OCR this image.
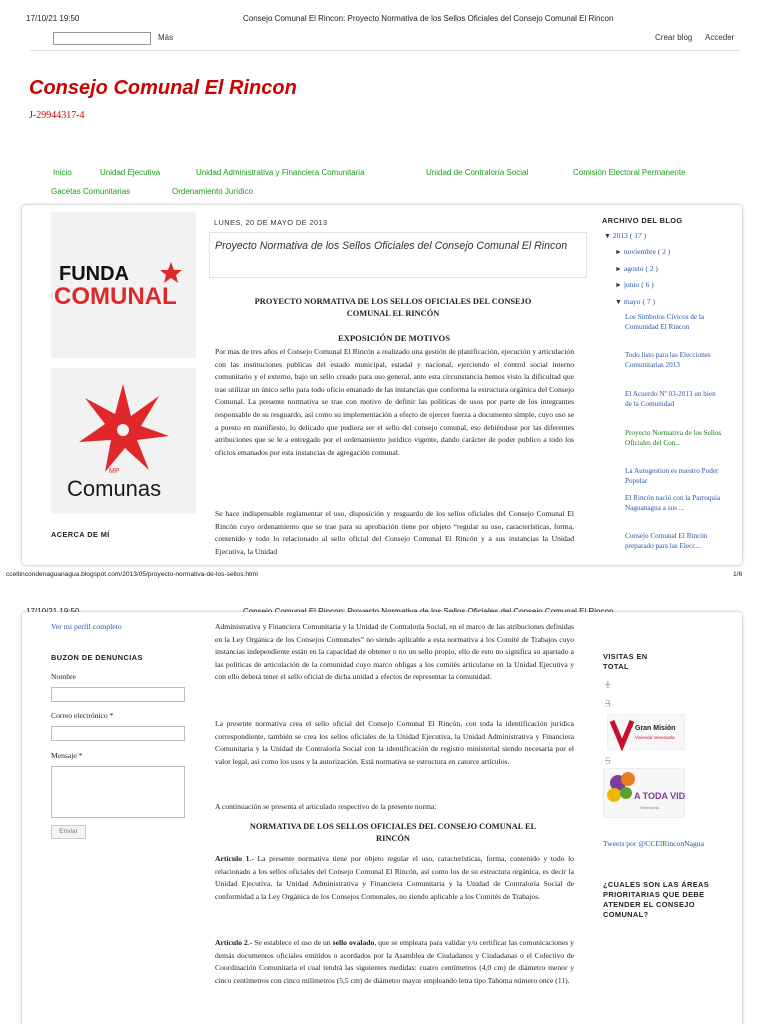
17/10/21 19:50	Consejo Comunal El Rincon: Proyecto Normativa de los Sellos Oficiales del Consejo Comunal El Rincon
Más	Crear blog Acceder
Consejo Comunal El Rincon
J-29944317-4
Inicio	Unidad Ejecutiva	Unidad Administrativa y Financiera Comunitaria	Unidad de Contraloría Social	Comisión Electoral Permanente
Gacetas Comunitarias	Ordenamiento Jurídico
FUNDA
COMUNAL
MP
Comunas
ACERCA DE MÍ
LUNES, 20 DE MAYO DE 2013
Proyecto Normativa de los Sellos Oficiales del Consejo Comunal El Rincon
PROYECTO NORMATIVA DE LOS SELLOS OFICIALES DEL CONSEJO COMUNAL EL RINCÓN
EXPOSICIÓN DE MOTIVOS
Por mas de tres años el Consejo Comunal El Rincón a realizado una gestión de planificación, ejecución y articulación con las instituciones publicas del estado municipal, estadal y nacional, ejerciendo el control social interno comunitario y el externo, bajo un sello creado para uso general, ante esta circunstancia hemos visto la dificultad que trae utilizar un único sello para todo oficio emanado de las instancias que conforma la estructura orgánica del Consejo Comunal. La presente normativa se trae con motivo de definir las políticas de usos por parte de los integrantes responsable de su resguardo, así como su implementación a efecto de ejercer fuerza a documento simple, cuyo uso se a puesto en manifiesto, lo delicado que pudiera ser el sello del consejo comunal, eso debiéndose por las diferentes atribuciones que se le a entregado por el ordenamiento jurídico vigente, dando carácter de poder publico a todo los oficios emanados por esta instancias de agregación comunal.
Se hace indispensable reglamentar el uso, disposición y resguardo de los sellos oficiales del Consejo Comunal El Rincón cuyo ordenamiento que se trae para su aprobación tiene por objeto “regular su uso, características, forma, contenido y todo lo relacionado al sello oficial del Consejo Comunal El Rincón y a sus instancias la Unidad Ejecutiva, la Unidad
ARCHIVO DEL BLOG
▼ 2013 ( 17 )
► noviembre ( 2 )
► agosto ( 2 )
► junio ( 6 )
▼ mayo ( 7 )
Los Símbolos Cívicos de la Comunidad El Rincon
Todo listo para las Elecciones Comunitarias 2013
El Acuerdo Nº 03-2013 un bien de la Comunidad
Proyecto Normativa de los Sellos Oficiales del Con...
La Autogestion es nuestro Poder Popular
El Rincón nació con la Parroquia Naguanagua a sus ...
Consejo Comunal El Rincón preparado para las Elecc...
cceltincondenaguanagua.blogspot.com/2013/05/proyecto-normativa-de-los-sellos.html	1/6
Ver mi perfil completo
BUZON DE DENUNCIAS
Nombre
Correo electrónico *
Mensaje *
Enviar
Administrativa y Financiera Comunitaria y la Unidad de Contraloría Social, en el marco de las atribuciones definidas en la Ley Orgánica de los Consejos Comunales” no siendo aplicable a esta normativa a los Comité de Trabajos cuyo instancias independiente están en la capacidad de obtener o no un sello propio, ello de esto no significa su apartado a las políticas de articulación de la comunidad cuyo marco obligas a los comités articularse en la Unidad Ejecutiva y con ello deberá tener el sello oficial de dicha unidad a efectos de representar la comunidad.
La presente normativa crea el sello oficial del Consejo Comunal El Rincón, con toda la identificación jurídica correspondiente, también se crea los sellos oficiales de la Unidad Ejecutiva, la Unidad Administrativa y Financiera Comunitaria y la Unidad de Contraloría Social con la identificación de registro ministerial siendo necesaria por el valor legal, así como los usos y la autorización. Está normativa se estructura en catorce artículos.
A continuación se presenta el articulado respectivo de la presente norma:
NORMATIVA DE LOS SELLOS OFICIALES DEL CONSEJO COMUNAL EL RINCÓN
Artículo 1.- La presente normativa tiene por objeto regular el uso, características, forma, contenido y todo lo relacionado a los sellos oficiales del Consejo Comunal El Rincón, así como los de su estructura orgánica, es decir la Unidad Ejecutiva, la Unidad Administrativa y Financiera Comunitaria y la Unidad de Contraloría Social de conformidad a la Ley Orgánica de los Consejos Comunales, no siendo aplicable a los Comités de Trabajos.
Artículo 2.- Se establece el uso de un sello ovalado, que se empleara para validar y/o certificar las comunicaciones y demás documentos oficiales emitidos o acordados por la Asamblea de Ciudadanos y Ciudadanas o el Colectivo de Coordinación Comunitaria el cual tendrá las siguientes medidas: cuatro centímetros (4,0 cm) de diámetro menor y cinco centímetros con cinco milímetros (5,5 cm) de diámetro mayor empleando letra tipo Tahoma número once (11).
VISITAS EN TOTAL
1
3
Gran Misión
Vivienda Venezuela
5
A TODA VIDA
Venezuela
Tweets por @CCElRinconNagua
¿CUALES SON LAS ÁREAS PRIORITARIAS QUE DEBE ATENDER EL CONSEJO COMUNAL?
